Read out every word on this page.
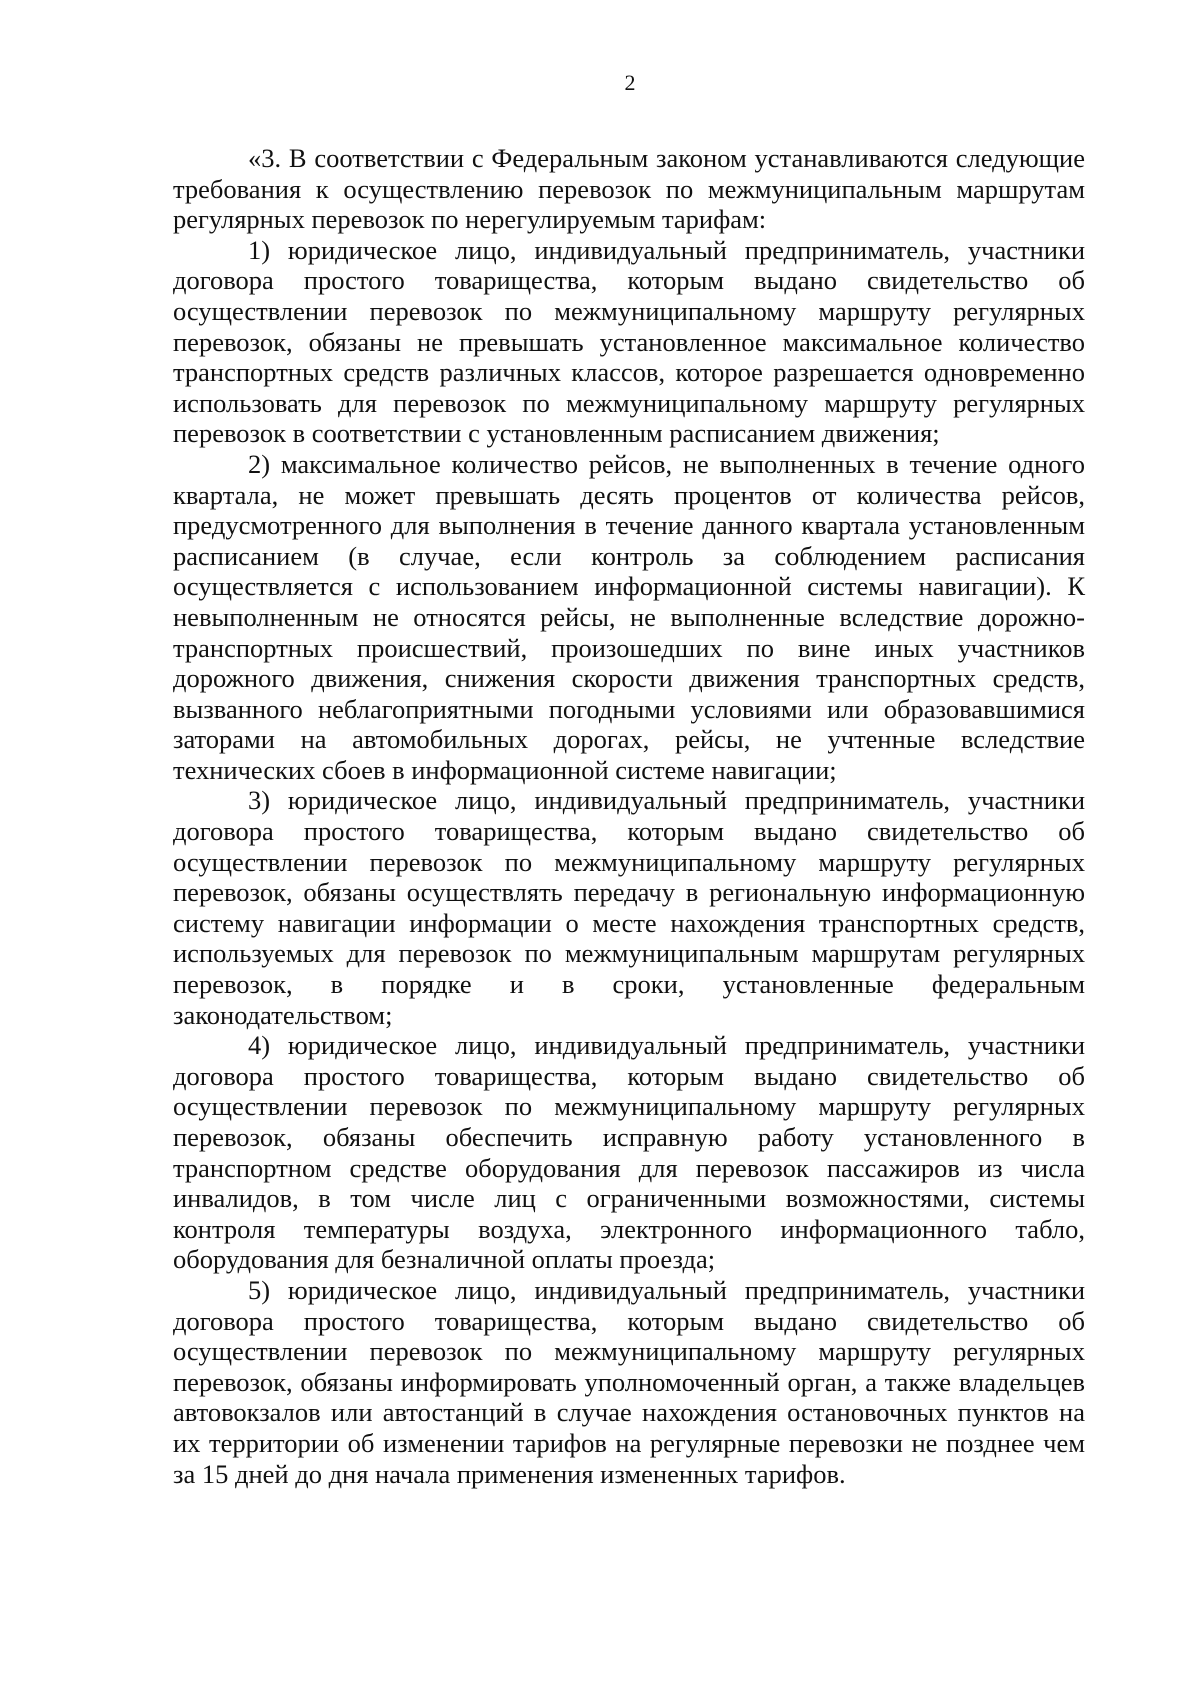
2

«3. В соответствии с Федеральным законом устанавливаются следующие требования к осуществлению перевозок по межмуниципальным маршрутам регулярных перевозок по нерегулируемым тарифам:

1) юридическое лицо, индивидуальный предприниматель, участники договора простого товарищества, которым выдано свидетельство об осуществлении перевозок по межмуниципальному маршруту регулярных перевозок, обязаны не превышать установленное максимальное количество транспортных средств различных классов, которое разрешается одновременно использовать для перевозок по межмуниципальному маршруту регулярных перевозок в соответствии с установленным расписанием движения;

2) максимальное количество рейсов, не выполненных в течение одного квартала, не может превышать десять процентов от количества рейсов, предусмотренного для выполнения в течение данного квартала установленным расписанием (в случае, если контроль за соблюдением расписания осуществляется с использованием информационной системы навигации). К невыполненным не относятся рейсы, не выполненные вследствие дорожно-транспортных происшествий, произошедших по вине иных участников дорожного движения, снижения скорости движения транспортных средств, вызванного неблагоприятными погодными условиями или образовавшимися заторами на автомобильных дорогах, рейсы, не учтенные вследствие технических сбоев в информационной системе навигации;

3) юридическое лицо, индивидуальный предприниматель, участники договора простого товарищества, которым выдано свидетельство об осуществлении перевозок по межмуниципальному маршруту регулярных перевозок, обязаны осуществлять передачу в региональную информационную систему навигации информации о месте нахождения транспортных средств, используемых для перевозок по межмуниципальным маршрутам регулярных перевозок, в порядке и в сроки, установленные федеральным законодательством;

4) юридическое лицо, индивидуальный предприниматель, участники договора простого товарищества, которым выдано свидетельство об осуществлении перевозок по межмуниципальному маршруту регулярных перевозок, обязаны обеспечить исправную работу установленного в транспортном средстве оборудования для перевозок пассажиров из числа инвалидов, в том числе лиц с ограниченными возможностями, системы контроля температуры воздуха, электронного информационного табло, оборудования для безналичной оплаты проезда;

5) юридическое лицо, индивидуальный предприниматель, участники договора простого товарищества, которым выдано свидетельство об осуществлении перевозок по межмуниципальному маршруту регулярных перевозок, обязаны информировать уполномоченный орган, а также владельцев автовокзалов или автостанций в случае нахождения остановочных пунктов на их территории об изменении тарифов на регулярные перевозки не позднее чем за 15 дней до дня начала применения измененных тарифов.
